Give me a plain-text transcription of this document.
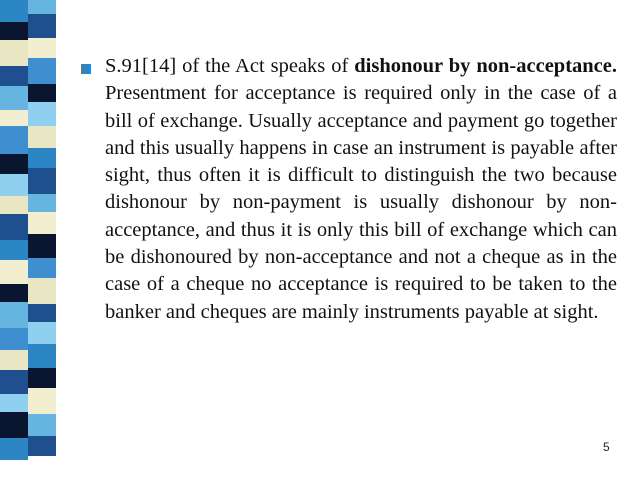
S.91[14] of the Act speaks of dishonour by non-acceptance. Presentment for acceptance is required only in the case of a bill of exchange. Usually acceptance and payment go together and this usually happens in case an instrument is payable after sight, thus often it is difficult to distinguish the two because dishonour by non-payment is usually dishonour by non-acceptance, and thus it is only this bill of exchange which can be dishonoured by non-acceptance and not a cheque as in the case of a cheque no acceptance is required to be taken to the banker and cheques are mainly instruments payable at sight.
5
